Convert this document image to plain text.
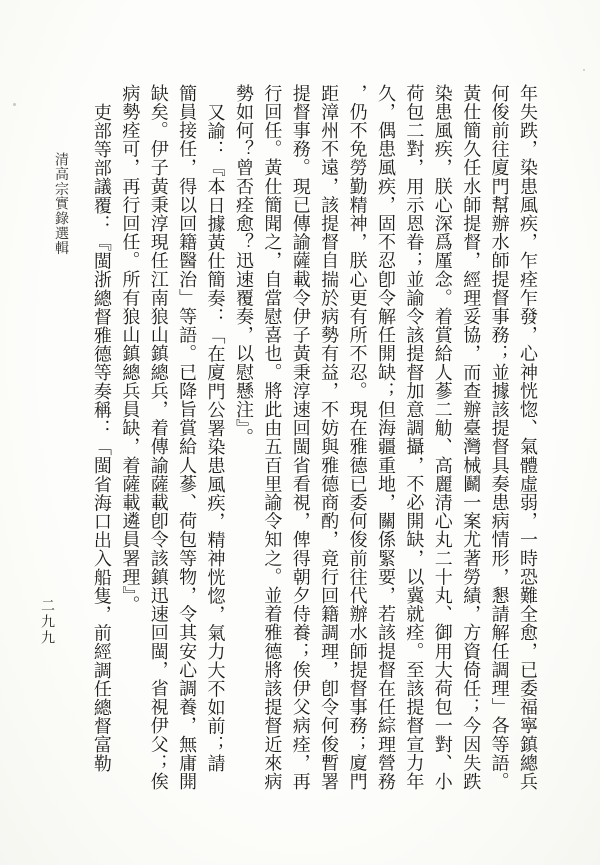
年失跌，染患風疾，乍痊乍發，心神恍惚、氣體虛弱，一時恐難全愈，已委福寧鎮總兵
何俊前往廈門幫辦水師提督事務；並據該提督具奏患病情形，懇請解任調理」各等語。
黃仕簡久任水師提督，經理妥協，而查辦臺灣械鬬一案尤著勞績，方資倚任；今因失跌
染患風疾，朕心深爲厪念。着賞給人蔘二觔、高麗清心丸二十丸、御用大荷包一對、小
荷包二對，用示恩眷；並諭令該提督加意調攝，不必開缺，以冀就痊。至該提督宣力年
久，偶患風疾，固不忍卽令解任開缺；但海疆重地，關係緊要，若該提督在任綜理營務
，仍不免勞勤精神，朕心更有所不忍。現在雅德已委何俊前往代辦水師提督事務；廈門
距漳州不遠，該提督自揣於病勢有益，不妨與雅德商酌，竟行回籍調理，卽令何俊暫署
提督事務。現已傳諭薩載令伊子黃秉淳速回閩省看視，俾得朝夕侍養；俟伊父病痊，再
行回任。黃仕簡聞之，自當慰喜也。將此由五百里諭令知之。並着雅德將該提督近來病
勢如何？曾否痊愈？迅速覆奏，以慰懸注』。
又諭：『本日據黃仕簡奏：「在廈門公署染患風疾，精神恍惚，氣力大不如前；請
簡員接任，得以回籍醫治」等語。已降旨賞給人蔘、荷包等物，令其安心調養，無庸開
缺矣。伊子黃秉淳現任江南狼山鎮總兵，着傳諭薩載卽令該鎮迅速回閩，省視伊父；俟
病勢痊可，再行回任。所有狼山鎮總兵員缺，着薩載遴員署理』。
吏部等部議覆：『閩浙總督雅德等奏稱：「閩省海口出入船隻，前經調任總督富勒
清高宗實錄選輯
二九九
